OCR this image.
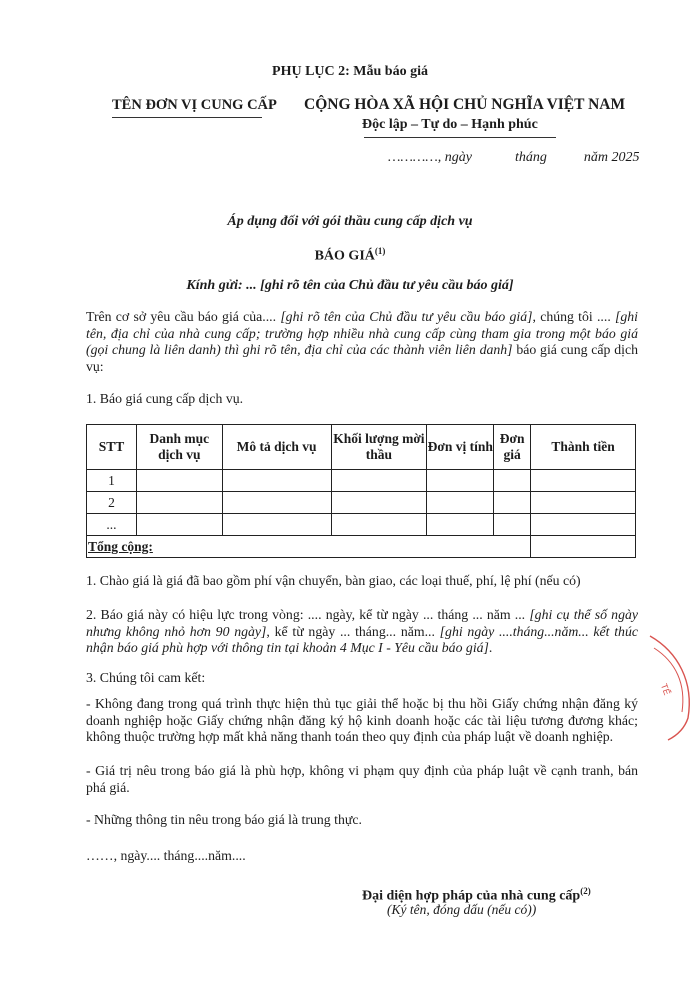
PHỤ LỤC 2: Mẫu báo giá
TÊN ĐƠN VỊ CUNG CẤP CỘNG HÒA XÃ HỘI CHỦ NGHĨA VIỆT NAM
Độc lập – Tự do – Hạnh phúc
…………, ngày	tháng	năm 2025
Áp dụng đối với gói thầu cung cấp dịch vụ
BÁO GIÁ$^{(1)}$
Kính gửi: ... [ghi rõ tên của Chủ đầu tư yêu cầu báo giá]
Trên cơ sở yêu cầu báo giá của.... [ghi rõ tên của Chủ đầu tư yêu cầu báo giá], chúng tôi .... [ghi tên, địa chỉ của nhà cung cấp; trường hợp nhiều nhà cung cấp cùng tham gia trong một báo giá (gọi chung là liên danh) thì ghi rõ tên, địa chỉ của các thành viên liên danh] báo giá cung cấp dịch vụ:
1. Báo giá cung cấp dịch vụ.
STT	Danh mục dịch vụ	Mô tả dịch vụ	Khối lượng mời thầu	Đơn vị tính	Đơn giá	Thành tiền
1						
2						
...						
Tổng cộng:						
1. Chào giá là giá đã bao gồm phí vận chuyển, bàn giao, các loại thuế, phí, lệ phí (nếu có)
2. Báo giá này có hiệu lực trong vòng: .... ngày, kể từ ngày ... tháng ... năm ... [ghi cụ thể số ngày nhưng không nhỏ hơn 90 ngày], kể từ ngày ... tháng... năm... [ghi ngày ....tháng...năm... kết thúc nhận báo giá phù hợp với thông tin tại khoản 4 Mục I - Yêu cầu báo giá].
3. Chúng tôi cam kết:
- Không đang trong quá trình thực hiện thủ tục giải thể hoặc bị thu hồi Giấy chứng nhận đăng ký doanh nghiệp hoặc Giấy chứng nhận đăng ký hộ kinh doanh hoặc các tài liệu tương đương khác; không thuộc trường hợp mất khả năng thanh toán theo quy định của pháp luật về doanh nghiệp.
- Giá trị nêu trong báo giá là phù hợp, không vi phạm quy định của pháp luật về cạnh tranh, bán phá giá.
- Những thông tin nêu trong báo giá là trung thực.
……, ngày.... tháng....năm....
Đại diện hợp pháp của nhà cung cấp$^{(2)}$
(Ký tên, đóng dấu (nếu có))
TẾ
